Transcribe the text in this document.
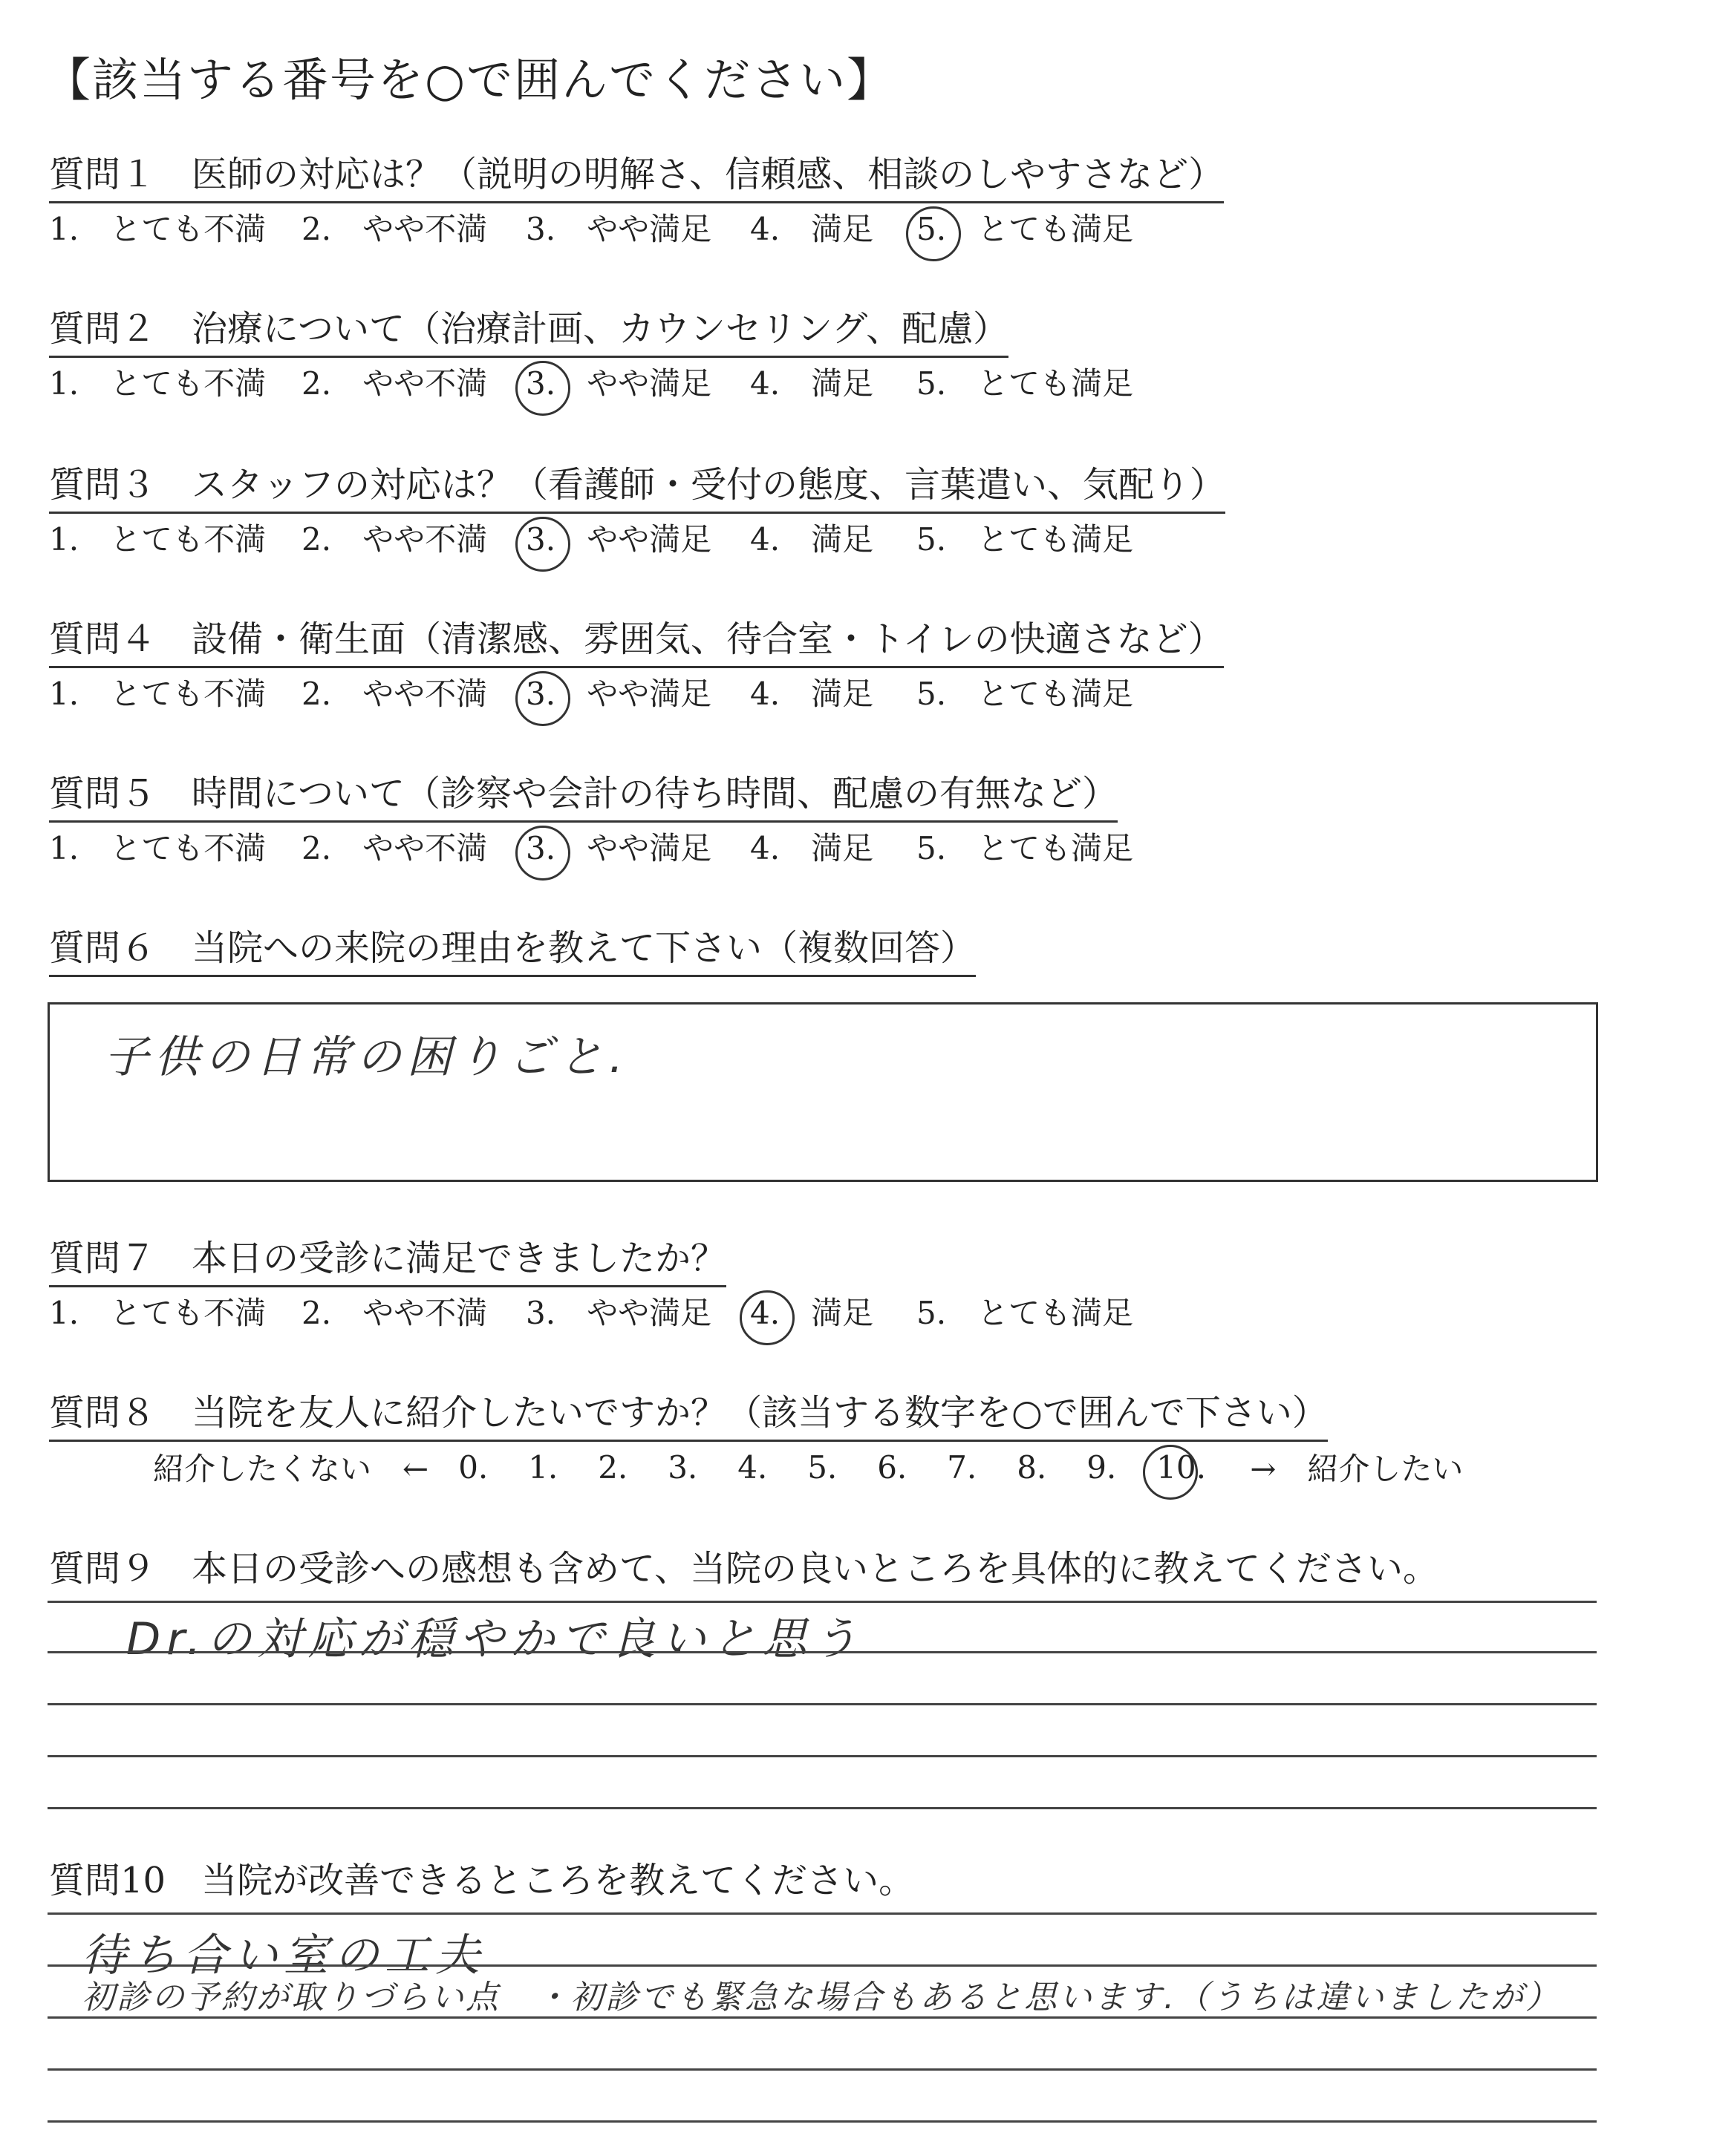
【該当する番号を○で囲んでください】
質問１　医師の対応は？（説明の明解さ、信頼感、相談のしやすさなど）
1.　とても不満	2.　やや不満	3.　 やや満足	4.　 満足	5.　 とても満足
質問２　治療について（治療計画、カウンセリング、配慮）
1.　とても不満	2.　やや不満	3.　 やや満足	4.　 満足	5.　 とても満足
質問３　スタッフの対応は？（看護師・受付の態度、言葉遣い、気配り）
1.　とても不満	2.　やや不満	3.　 やや満足	4.　 満足	5.　 とても満足
質問４　設備・衛生面（清潔感、雰囲気、待合室・トイレの快適さなど）
1.　とても不満	2.　やや不満	3.　 やや満足	4.　 満足	5.　 とても満足
質問５　時間について（診察や会計の待ち時間、配慮の有無など）
1.　とても不満	2.　やや不満	3.　 やや満足	4.　 満足	5.　 とても満足
質問６　当院への来院の理由を教えて下さい（複数回答）
子供の日常の困りごと.
質問７　本日の受診に満足できましたか？
1.　とても不満	2.　やや不満	3.　 やや満足	4.　 満足	5.　 とても満足
質問８　当院を友人に紹介したいですか？（該当する数字を○で囲んで下さい）
紹介したくない　← 0.	1.	2.	3.	4.	5.	6.	7.	8.	9.	10.	→　紹介したい
質問９　本日の受診への感想も含めて、当院の良いところを具体的に教えてください。
Dr.の対応が穏やかで良いと思う
質問10　当院が改善できるところを教えてください。
待ち合い室の工夫
初診の予約が取りづらい点　・初診でも緊急な場合もあると思います.（うちは違いましたが）
